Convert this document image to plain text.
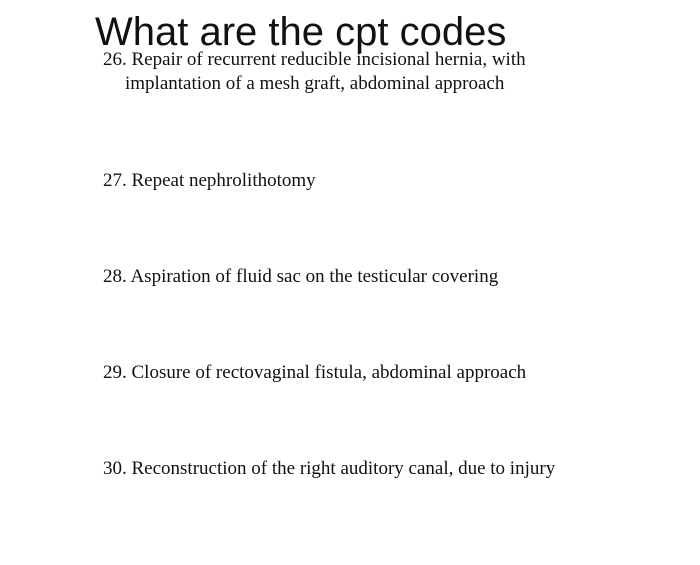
What are the cpt codes
26. Repair of recurrent reducible incisional hernia, with
implantation of a mesh graft, abdominal approach
27. Repeat nephrolithotomy
28. Aspiration of fluid sac on the testicular covering
29. Closure of rectovaginal fistula, abdominal approach
30. Reconstruction of the right auditory canal, due to injury
